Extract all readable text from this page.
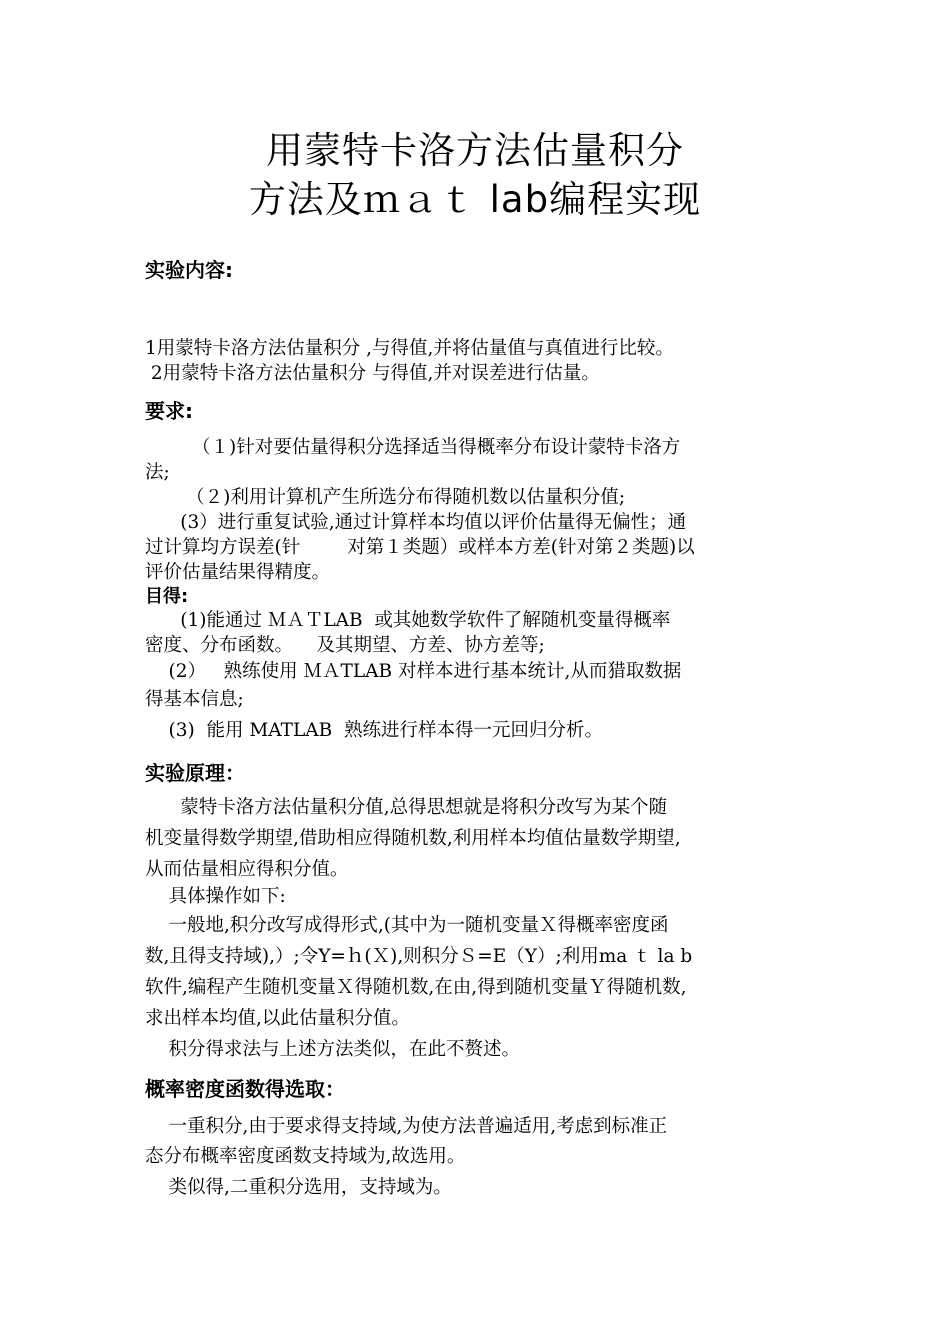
用蒙特卡洛方法估量积分
方法及ｍａｔ lab编程实现
实验内容:
1用蒙特卡洛方法估量积分 ,与得值,并将估量值与真值进行比较。
2用蒙特卡洛方法估量积分 与得值,并对误差进行估量。
要求:
（１)针对要估量得积分选择适当得概率分布设计蒙特卡洛方
法;
（２)利用计算机产生所选分布得随机数以估量积分值;
(3）进行重复试验,通过计算样本均值以评价估量得无偏性；通
过计算均方误差(针        对第１类题）或样本方差(针对第２类题)以
评价估量结果得精度。
目得:
(1)能通过 ＭＡＴLAB  或其她数学软件了解随机变量得概率
密度、分布函数。    及其期望、方差、协方差等;
(2）   熟练使用 ＭＡTLAB 对样本进行基本统计,从而猎取数据
得基本信息;
(3)  能用 MATLAB  熟练进行样本得一元回归分析。
实验原理：
蒙特卡洛方法估量积分值,总得思想就是将积分改写为某个随
机变量得数学期望,借助相应得随机数,利用样本均值估量数学期望,
从而估量相应得积分值。
具体操作如下:
一般地,积分改写成得形式,(其中为一随机变量Ｘ得概率密度函
数,且得支持域),）;令Y=ｈ(Ｘ),则积分Ｓ=E（Y）;利用ma ｔ la b
软件,编程产生随机变量Ｘ得随机数,在由,得到随机变量Ｙ得随机数,
求出样本均值,以此估量积分值。
积分得求法与上述方法类似，在此不赘述。
概率密度函数得选取：
一重积分,由于要求得支持域,为使方法普遍适用,考虑到标准正
态分布概率密度函数支持域为,故选用。
类似得,二重积分选用，支持域为。
